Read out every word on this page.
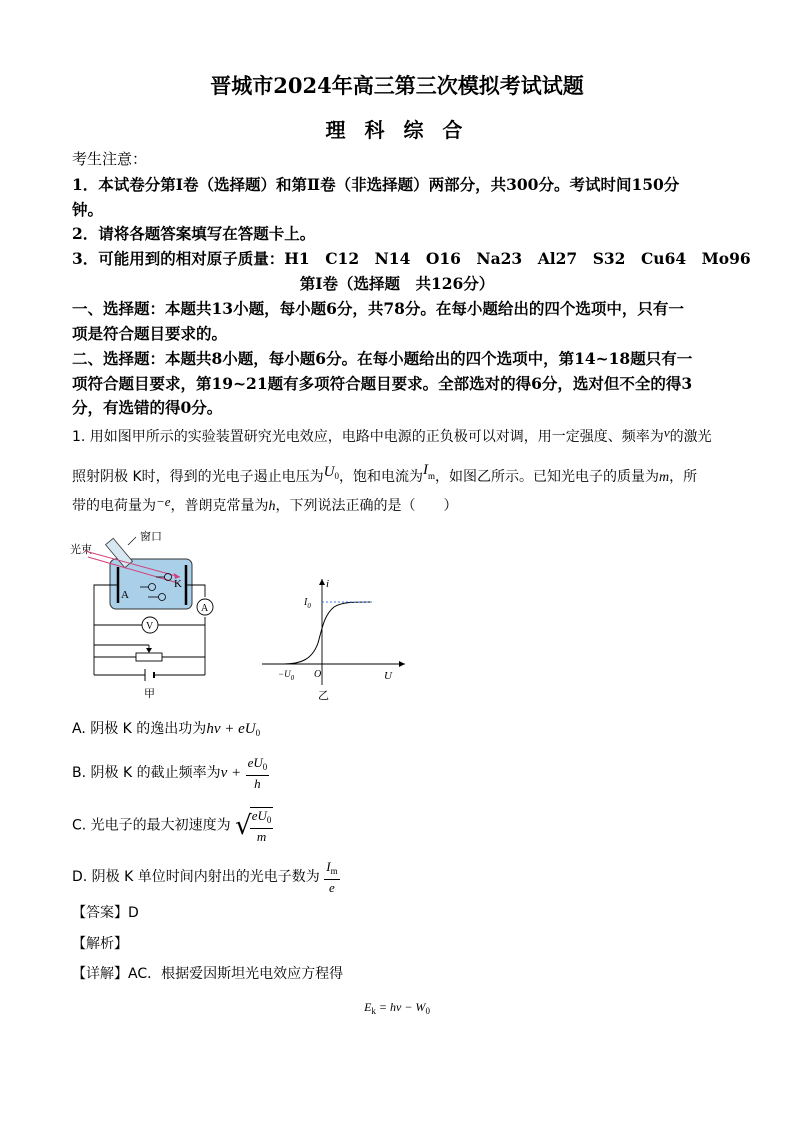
晋城市2024年高三第三次模拟考试试题
理 科 综 合
考生注意：
1．本试卷分第Ⅰ卷（选择题）和第Ⅱ卷（非选择题）两部分，共300分。考试时间150分
钟。
2．请将各题答案填写在答题卡上。
3．可能用到的相对原子质量：H1　C12　N14　O16　Na23　Al27　S32　Cu64　Mo96
第Ⅰ卷（选择题　共126分）
一、选择题：本题共13小题，每小题6分，共78分。在每小题给出的四个选项中，只有一
项是符合题目要求的。
二、选择题：本题共8小题，每小题6分。在每小题给出的四个选项中，第14~18题只有一
项符合题目要求，第19~21题有多项符合题目要求。全部选对的得6分，选对但不全的得3
分，有选错的得0分。
1. 用如图甲所示的实验装置研究光电效应，电路中电源的正负极可以对调，用一定强度、频率为ν的激光
照射阴极 K时，得到的光电子遏止电压为$U^0$，饱和电流为$I^m$，如图乙所示。已知光电子的质量为m，所
带的电荷量为−e，普朗克常量为h，下列说法正确的是（　　）
光束
窗口
K
A
A
V
甲
i
$I_0$
O
$-U_0$	U
乙
A. 阴极 K 的逸出功为$h\nu + eU_0$
B. 阴极 K 的截止频率为$\nu + \frac{eU_0}{h}$
C. 光电子的最大初速度为 √
$\frac{eU_0}{m}$
D. 阴极 K 单位时间内射出的光电子数为 $\frac{I_m}{e}$
【答案】D
【解析】
【详解】AC．根据爱因斯坦光电效应方程得
$E_k = h\nu - W_0$
